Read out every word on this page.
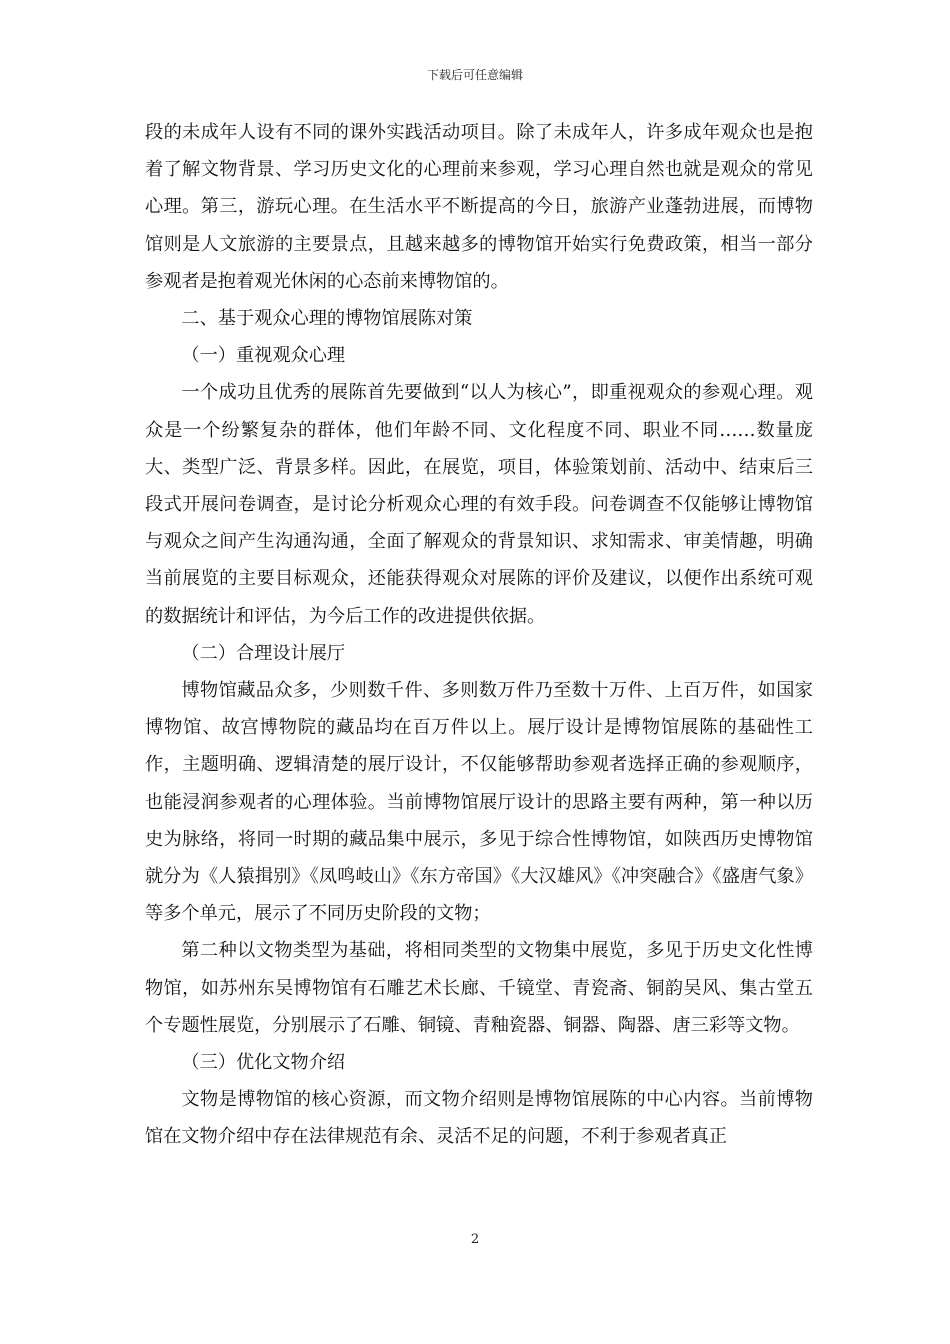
下载后可任意编辑

段的未成年人设有不同的课外实践活动项目。除了未成年人，许多成年观众也是抱着了解文物背景、学习历史文化的心理前来参观，学习心理自然也就是观众的常见心理。第三，游玩心理。在生活水平不断提高的今日，旅游产业蓬勃进展，而博物馆则是人文旅游的主要景点，且越来越多的博物馆开始实行免费政策，相当一部分参观者是抱着观光休闲的心态前来博物馆的。

二、基于观众心理的博物馆展陈对策

（一）重视观众心理

一个成功且优秀的展陈首先要做到“以人为核心”，即重视观众的参观心理。观众是一个纷繁复杂的群体，他们年龄不同、文化程度不同、职业不同……数量庞大、类型广泛、背景多样。因此，在展览，项目，体验策划前、活动中、结束后三段式开展问卷调查，是讨论分析观众心理的有效手段。问卷调查不仅能够让博物馆与观众之间产生沟通沟通，全面了解观众的背景知识、求知需求、审美情趣，明确当前展览的主要目标观众，还能获得观众对展陈的评价及建议，以便作出系统可观的数据统计和评估，为今后工作的改进提供依据。

（二）合理设计展厅

博物馆藏品众多，少则数千件、多则数万件乃至数十万件、上百万件，如国家博物馆、故宫博物院的藏品均在百万件以上。展厅设计是博物馆展陈的基础性工作，主题明确、逻辑清楚的展厅设计，不仅能够帮助参观者选择正确的参观顺序，也能浸润参观者的心理体验。当前博物馆展厅设计的思路主要有两种，第一种以历史为脉络，将同一时期的藏品集中展示，多见于综合性博物馆，如陕西历史博物馆就分为《人猿揖别》《凤鸣岐山》《东方帝国》《大汉雄风》《冲突融合》《盛唐气象》等多个单元，展示了不同历史阶段的文物；

第二种以文物类型为基础，将相同类型的文物集中展览，多见于历史文化性博物馆，如苏州东吴博物馆有石雕艺术长廊、千镜堂、青瓷斋、铜韵吴风、集古堂五个专题性展览，分别展示了石雕、铜镜、青釉瓷器、铜器、陶器、唐三彩等文物。

（三）优化文物介绍

文物是博物馆的核心资源，而文物介绍则是博物馆展陈的中心内容。当前博物馆在文物介绍中存在法律规范有余、灵活不足的问题，不利于参观者真正

2
